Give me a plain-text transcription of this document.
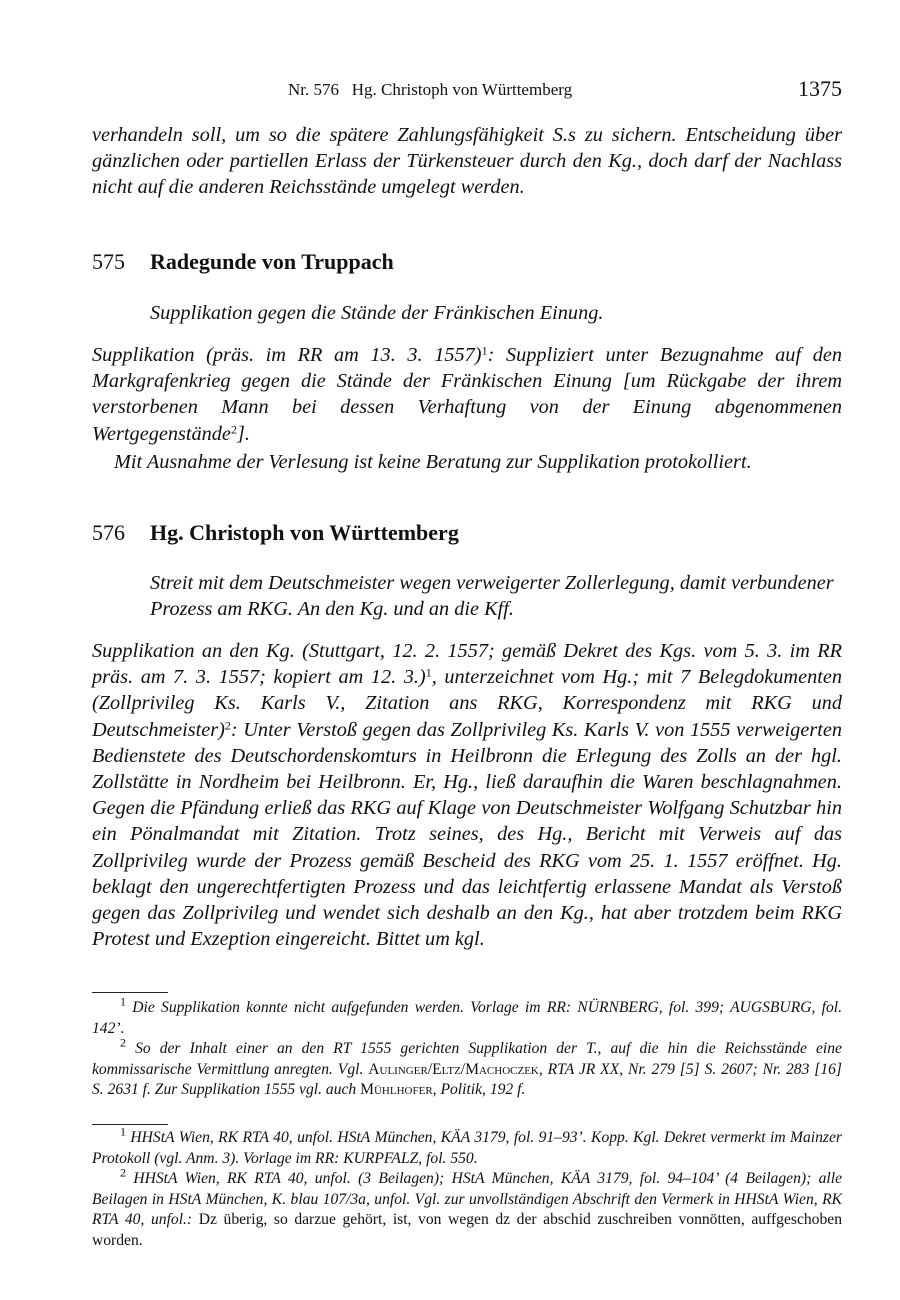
Nr. 576   Hg. Christoph von Württemberg	1375
verhandeln soll, um so die spätere Zahlungsfähigkeit S.s zu sichern. Entscheidung über gänzlichen oder partiellen Erlass der Türkensteuer durch den Kg., doch darf der Nachlass nicht auf die anderen Reichsstände umgelegt werden.
575 Radegunde von Truppach
Supplikation gegen die Stände der Fränkischen Einung.
Supplikation (präs. im RR am 13. 3. 1557)$^1$: Suppliziert unter Bezugnahme auf den Markgrafenkrieg gegen die Stände der Fränkischen Einung [um Rückgabe der ihrem verstorbenen Mann bei dessen Verhaftung von der Einung abgenommenen Wertgegenstände$^2$].
Mit Ausnahme der Verlesung ist keine Beratung zur Supplikation protokolliert.
576 Hg. Christoph von Württemberg
Streit mit dem Deutschmeister wegen verweigerter Zollerlegung, damit verbundener Prozess am RKG. An den Kg. und an die Kff.
Supplikation an den Kg. (Stuttgart, 12. 2. 1557; gemäß Dekret des Kgs. vom 5. 3. im RR präs. am 7. 3. 1557; kopiert am 12. 3.)$^1$, unterzeichnet vom Hg.; mit 7 Belegdokumenten (Zollprivileg Ks. Karls V., Zitation ans RKG, Korrespondenz mit RKG und Deutschmeister)$^2$: Unter Verstoß gegen das Zollprivileg Ks. Karls V. von 1555 verweigerten Bedienstete des Deutschordenskomturs in Heilbronn die Erlegung des Zolls an der hgl. Zollstätte in Nordheim bei Heilbronn. Er, Hg., ließ daraufhin die Waren beschlagnahmen. Gegen die Pfändung erließ das RKG auf Klage von Deutschmeister Wolfgang Schutzbar hin ein Pönalmandat mit Zitation. Trotz seines, des Hg., Bericht mit Verweis auf das Zollprivileg wurde der Prozess gemäß Bescheid des RKG vom 25. 1. 1557 eröffnet. Hg. beklagt den ungerechtfertigten Prozess und das leichtfertig erlassene Mandat als Verstoß gegen das Zollprivileg und wendet sich deshalb an den Kg., hat aber trotzdem beim RKG Protest und Exzeption eingereicht. Bittet um kgl.

$^1$ Die Supplikation konnte nicht aufgefunden werden. Vorlage im RR: NÜRNBERG, fol. 399; AUGSBURG, fol. 142’.

$^2$ So der Inhalt einer an den RT 1555 gerichten Supplikation der T., auf die hin die Reichsstände eine kommissarische Vermittlung anregten. Vgl. Aulinger/Eltz/Machoczek, RTA JR XX, Nr. 279 [5] S. 2607; Nr. 283 [16] S. 2631 f. Zur Supplikation 1555 vgl. auch Mühlhofer, Politik, 192 f.

$^1$ HHStA Wien, RK RTA 40, unfol. HStA München, KÄA 3179, fol. 91–93’. Kopp. Kgl. Dekret vermerkt im Mainzer Protokoll (vgl. Anm. 3). Vorlage im RR: KURPFALZ, fol. 550.

$^2$ HHStA Wien, RK RTA 40, unfol. (3 Beilagen); HStA München, KÄA 3179, fol. 94–104’ (4 Beilagen); alle Beilagen in HStA München, K. blau 107/3a, unfol. Vgl. zur unvollständigen Abschrift den Vermerk in HHStA Wien, RK RTA 40, unfol.: Dz überig, so darzue gehört, ist, von wegen dz der abschid zuschreiben vonnötten, auffgeschoben worden.
